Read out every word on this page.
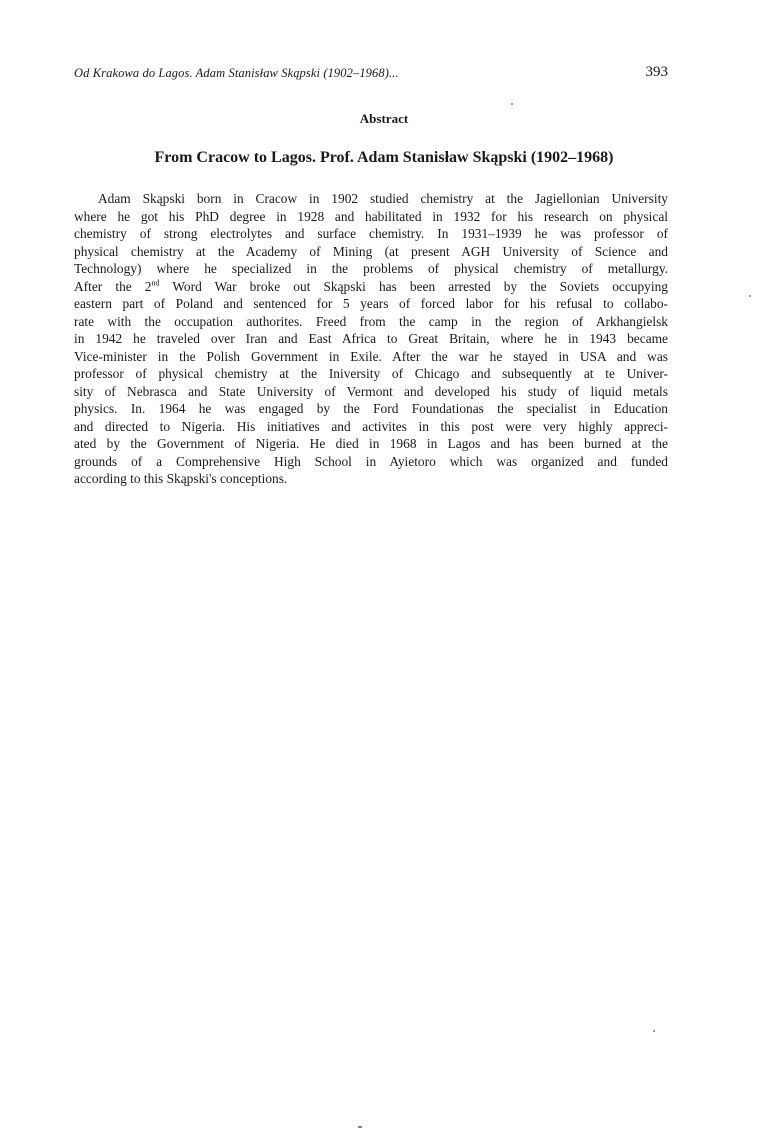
Od Krakowa do Lagos. Adam Stanisław Skąpski (1902–1968)...	393
Abstract
From Cracow to Lagos. Prof. Adam Stanisław Skąpski (1902–1968)
Adam Skąpski born in Cracow in 1902 studied chemistry at the Jagiellonian University
where he got his PhD degree in 1928 and habilitated in 1932 for his research on physical
chemistry of strong electrolytes and surface chemistry. In 1931–1939 he was professor of
physical chemistry at the Academy of Mining (at present AGH University of Science and
Technology) where he specialized in the problems of physical chemistry of metallurgy.
After the 2nd Word War broke out Skąpski has been arrested by the Soviets occupying
eastern part of Poland and sentenced for 5 years of forced labor for his refusal to collabo-
rate with the occupation authorites. Freed from the camp in the region of Arkhangielsk
in 1942 he traveled over Iran and East Africa to Great Britain, where he in 1943 became
Vice-minister in the Polish Government in Exile. After the war he stayed in USA and was
professor of physical chemistry at the Iniversity of Chicago and subsequently at te Univer-
sity of Nebrasca and State University of Vermont and developed his study of liquid metals
physics. In. 1964 he was engaged by the Ford Foundationas the specialist in Education
and directed to Nigeria. His initiatives and activites in this post were very highly appreci-
ated by the Government of Nigeria. He died in 1968 in Lagos and has been burned at the
grounds of a Comprehensive High School in Ayietoro which was organized and funded
according to this Skąpski's conceptions.
